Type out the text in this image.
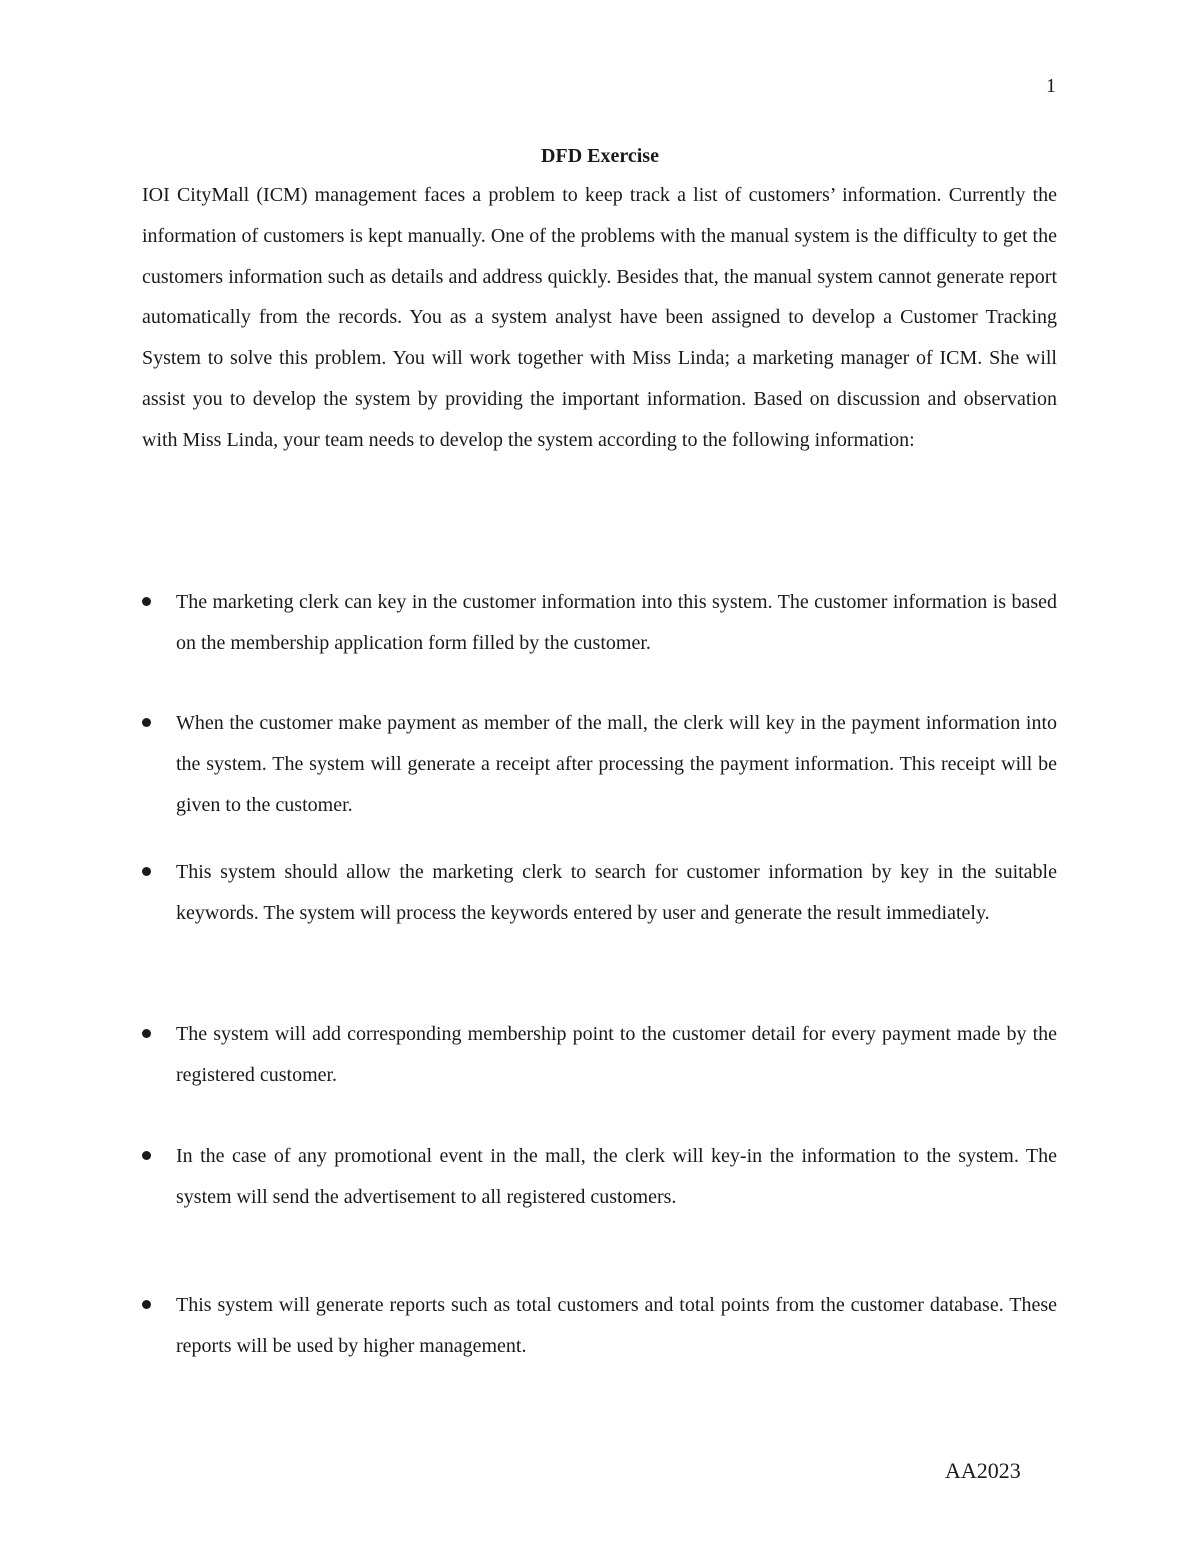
1
DFD Exercise

IOI CityMall (ICM) management faces a problem to keep track a list of customers’ information. Currently the information of customers is kept manually. One of the problems with the manual system is the difficulty to get the customers information such as details and address quickly. Besides that, the manual system cannot generate report automatically from the records. You as a system analyst have been assigned to develop a Customer Tracking System to solve this problem. You will work together with Miss Linda; a marketing manager of ICM. She will assist you to develop the system by providing the important information. Based on discussion and observation with Miss Linda, your team needs to develop the system according to the following information:

The marketing clerk can key in the customer information into this system. The customer information is based on the membership application form filled by the customer.
When the customer make payment as member of the mall, the clerk will key in the payment information into the system. The system will generate a receipt after processing the payment information. This receipt will be given to the customer.
This system should allow the marketing clerk to search for customer information by key in the suitable keywords. The system will process the keywords entered by user and generate the result immediately.
The system will add corresponding membership point to the customer detail for every payment made by the registered customer.
In the case of any promotional event in the mall, the clerk will key-in the information to the system. The system will send the advertisement to all registered customers.
This system will generate reports such as total customers and total points from the customer database. These reports will be used by higher management.
AA2023
